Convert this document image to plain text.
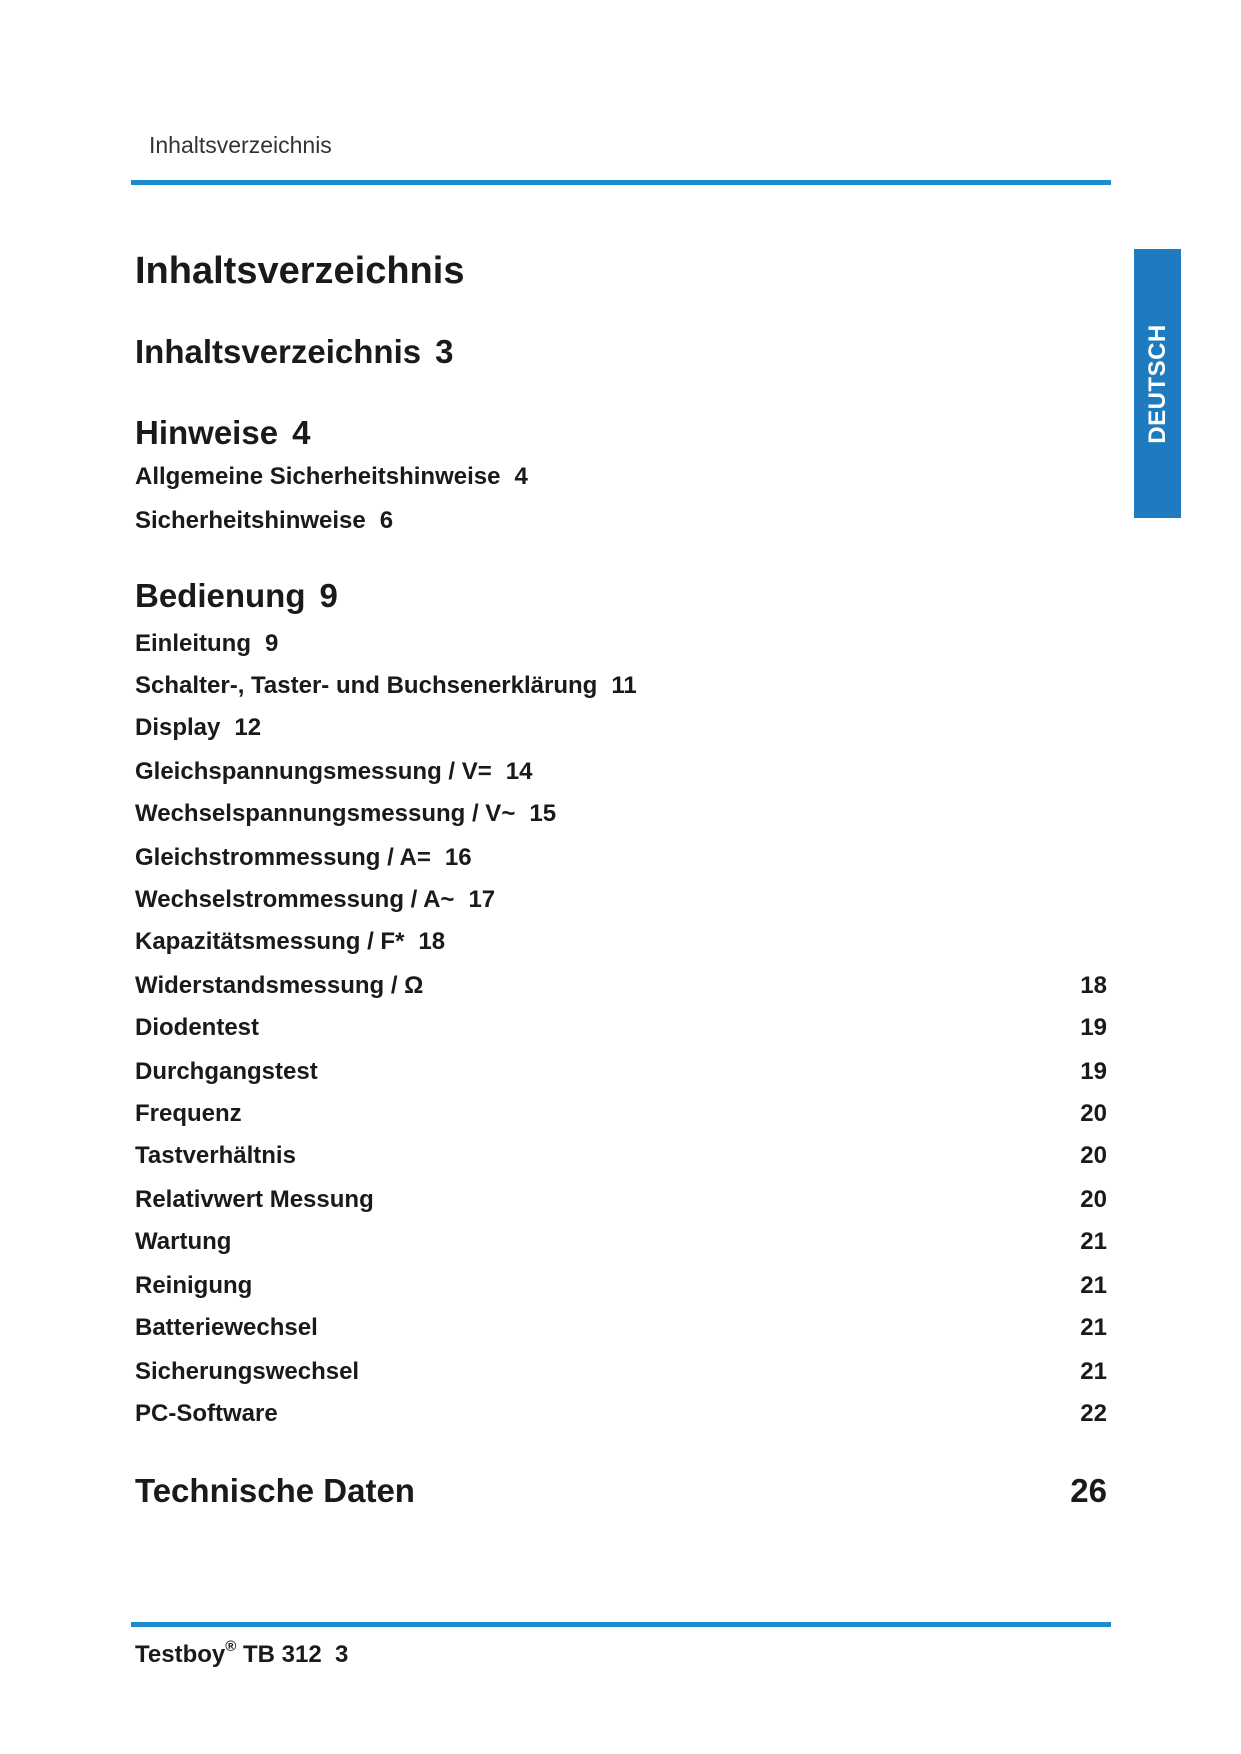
Inhaltsverzeichnis
DEUTSCH
Inhaltsverzeichnis
Inhaltsverzeichnis 3
Hinweise 4
Allgemeine Sicherheitshinweise 4
Sicherheitshinweise 6
Bedienung 9
Einleitung 9
Schalter-, Taster- und Buchsenerklärung 11
Display 12
Gleichspannungsmessung / V= 14
Wechselspannungsmessung / V~ 15
Gleichstrommessung / A= 16
Wechselstrommessung / A~ 17
Kapazitätsmessung / F* 18
Widerstandsmessung / Ω	18
Diodentest	19
Durchgangstest	19
Frequenz	20
Tastverhältnis	20
Relativwert Messung	20
Wartung	21
Reinigung	21
Batteriewechsel	21
Sicherungswechsel	21
PC-Software	22
Technische Daten	26
Testboy® TB 312 3
